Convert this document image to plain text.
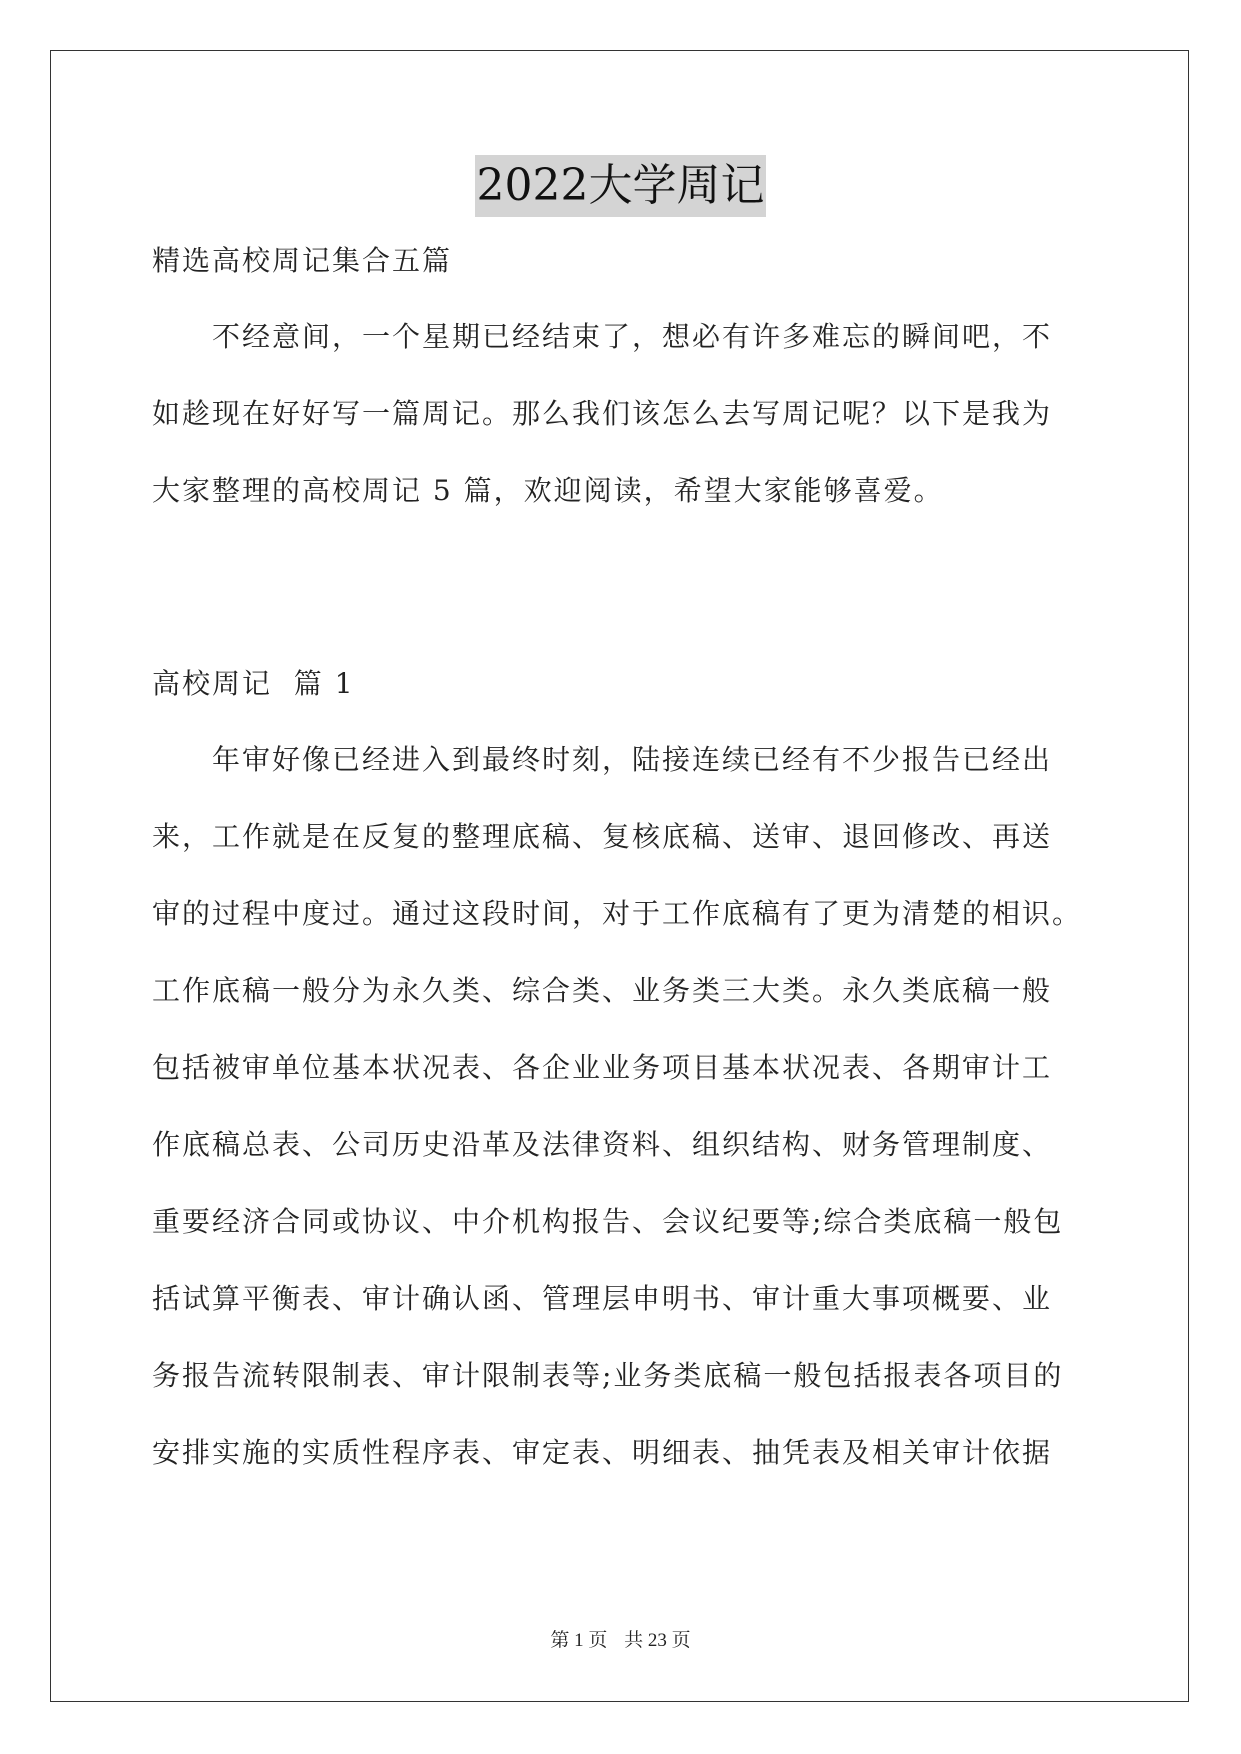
2022大学周记
精选高校周记集合五篇
不经意间，一个星期已经结束了，想必有许多难忘的瞬间吧，不
如趁现在好好写一篇周记。那么我们该怎么去写周记呢？以下是我为
大家整理的高校周记 5 篇，欢迎阅读，希望大家能够喜爱。
高校周记  篇 1
年审好像已经进入到最终时刻，陆接连续已经有不少报告已经出
来，工作就是在反复的整理底稿、复核底稿、送审、退回修改、再送
审的过程中度过。通过这段时间，对于工作底稿有了更为清楚的相识。
工作底稿一般分为永久类、综合类、业务类三大类。永久类底稿一般
包括被审单位基本状况表、各企业业务项目基本状况表、各期审计工
作底稿总表、公司历史沿革及法律资料、组织结构、财务管理制度、
重要经济合同或协议、中介机构报告、会议纪要等;综合类底稿一般包
括试算平衡表、审计确认函、管理层申明书、审计重大事项概要、业
务报告流转限制表、审计限制表等;业务类底稿一般包括报表各项目的
安排实施的实质性程序表、审定表、明细表、抽凭表及相关审计依据
第 1 页 共 23 页
